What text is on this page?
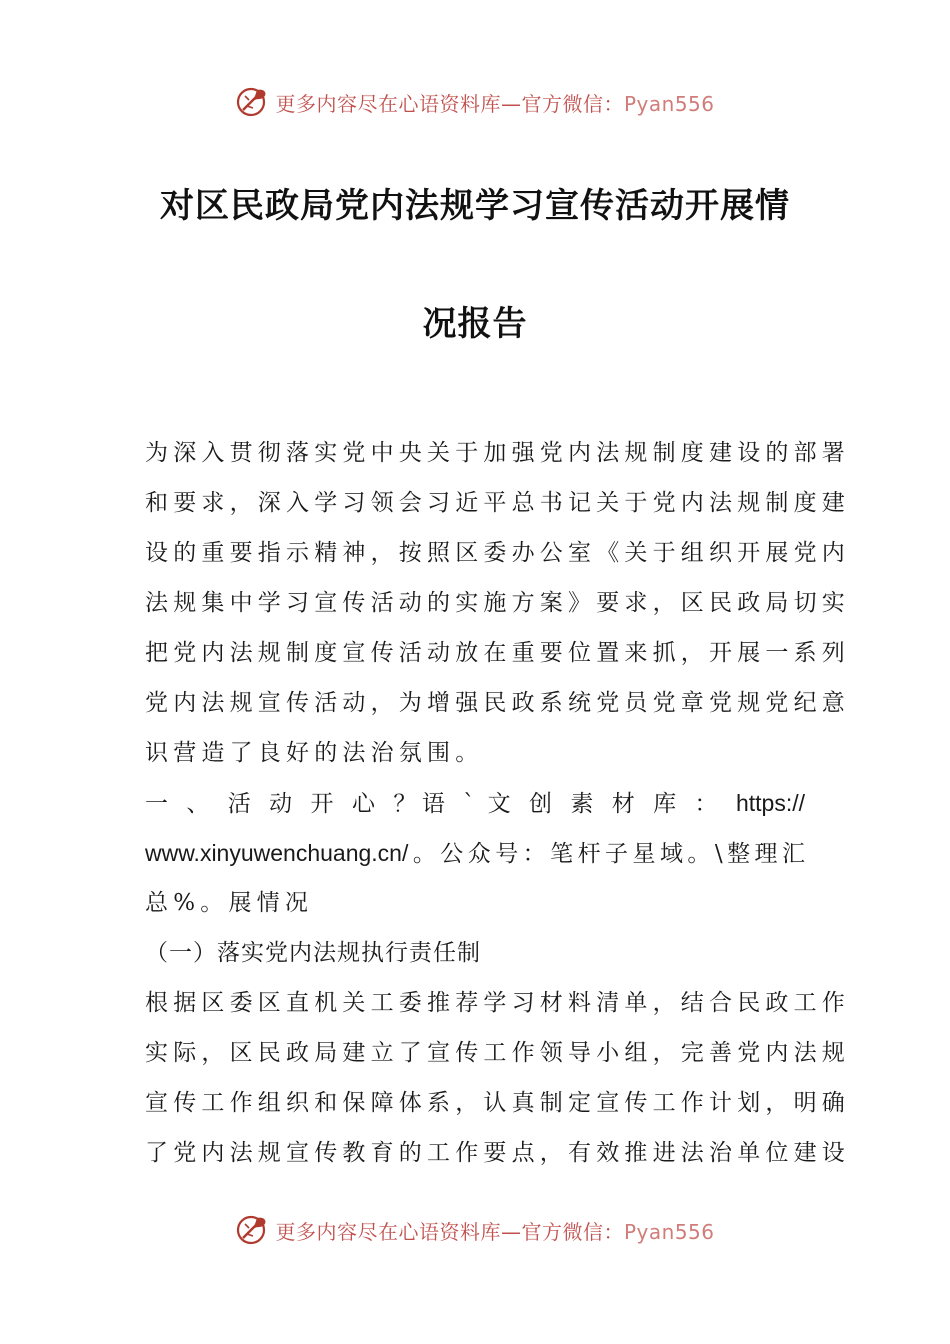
更多内容尽在心语资料库—官方微信：Pyan556
对区民政局党内法规学习宣传活动开展情
况报告
为深入贯彻落实党中央关于加强党内法规制度建设的部署
和要求，深入学习领会习近平总书记关于党内法规制度建
设的重要指示精神，按照区委办公室《关于组织开展党内
法规集中学习宣传活动的实施方案》要求，区民政局切实
把党内法规制度宣传活动放在重要位置来抓，开展一系列
党内法规宣传活动，为增强民政系统党员党章党规党纪意
识营造了良好的法治氛围。
一 、 活 动 开 心 ？语 ` 文 创 素 材 库 ： https://
www.xinyuwenchuang.cn/。公众号：笔杆子星域。\整理汇
总%。展情况
（一）落实党内法规执行责任制
根据区委区直机关工委推荐学习材料清单，结合民政工作
实际，区民政局建立了宣传工作领导小组，完善党内法规
宣传工作组织和保障体系，认真制定宣传工作计划，明确
了党内法规宣传教育的工作要点，有效推进法治单位建设
更多内容尽在心语资料库—官方微信：Pyan556
